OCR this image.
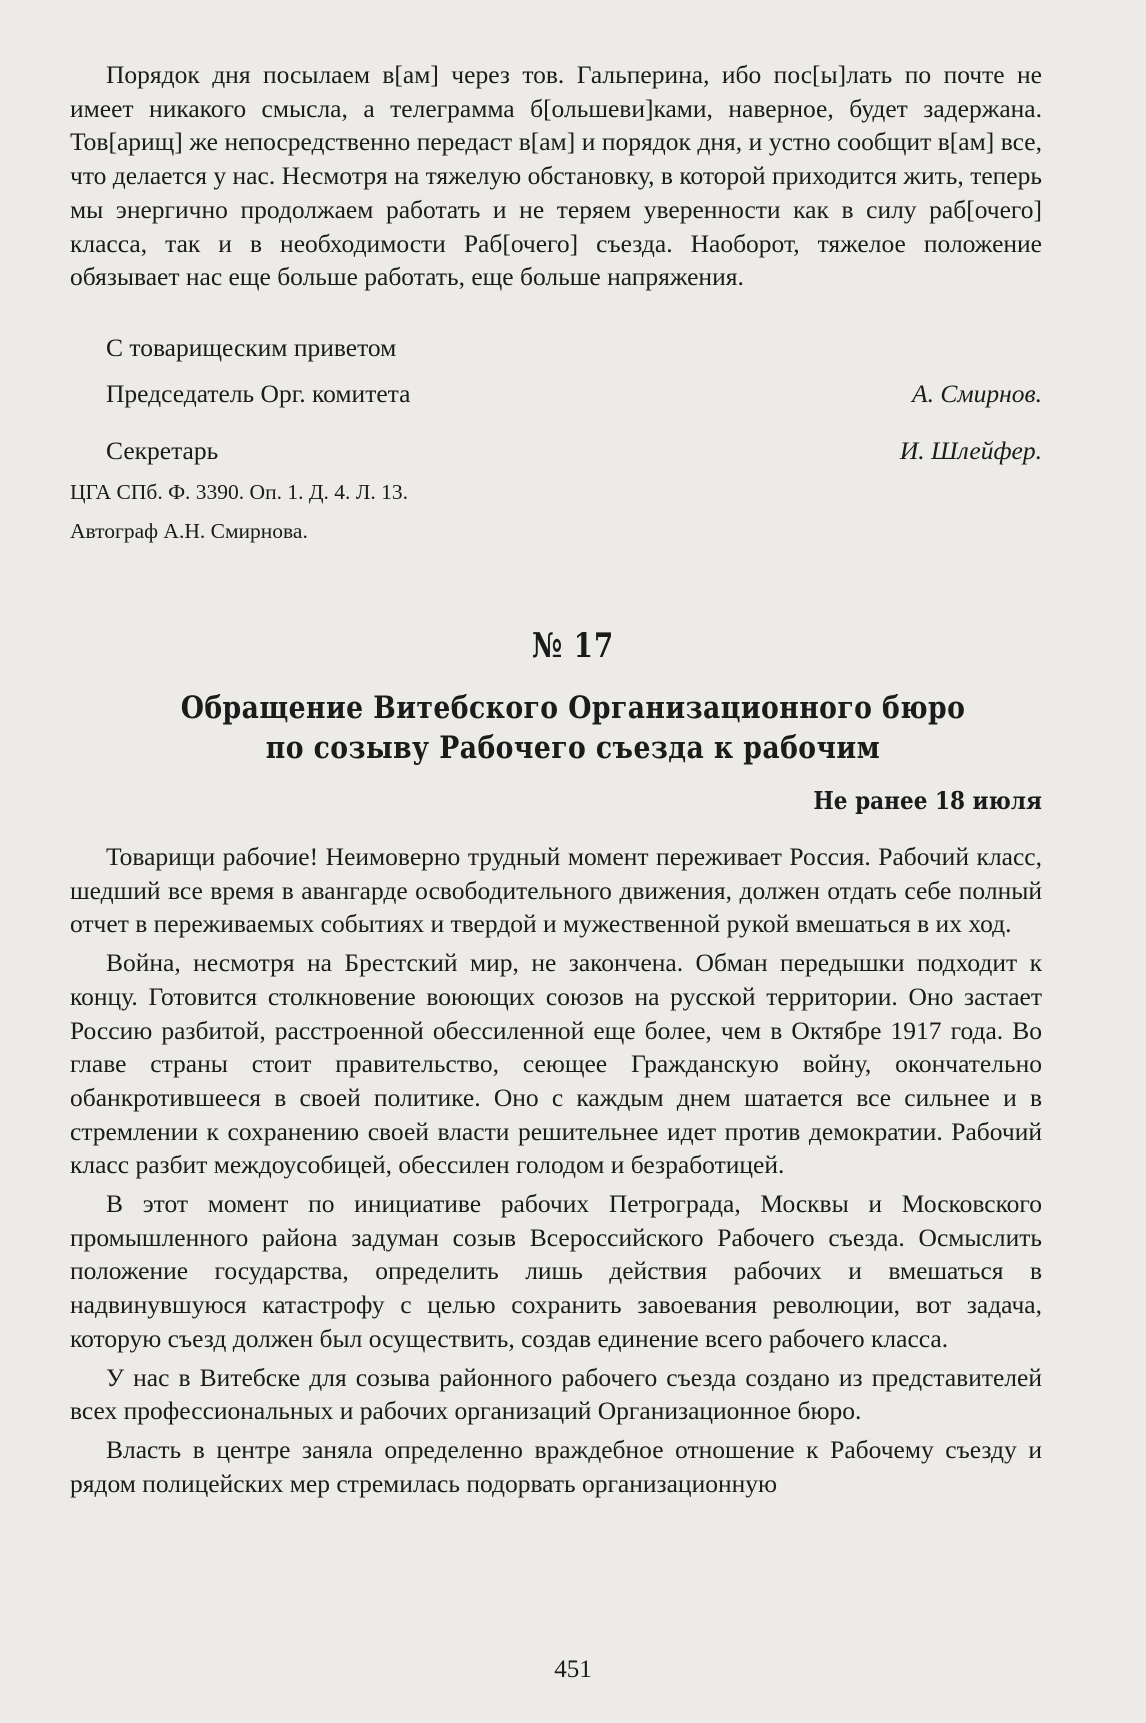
Порядок дня посылаем в[ам] через тов. Гальперина, ибо пос[ы]лать по почте не имеет никакого смысла, а телеграмма б[ольшеви]ками, наверное, будет задержана. Тов[арищ] же непосредственно передаст в[ам] и порядок дня, и устно сообщит в[ам] все, что делается у нас. Несмотря на тяжелую обстановку, в которой приходится жить, теперь мы энергично продолжаем работать и не теряем уверенности как в силу раб[очего] класса, так и в необходимости Раб[очего] съезда. Наоборот, тяжелое положение обязывает нас еще больше работать, еще больше напряжения.

С товарищеским приветом
Председатель Орг. комитета	А. Смирнов.
Секретарь	И. Шлейфер.
ЦГА СПб. Ф. 3390. Оп. 1. Д. 4. Л. 13.
Автограф А.Н. Смирнова.
№ 17
Обращение Витебского Организационного бюро
по созыву Рабочего съезда к рабочим
Не ранее 18 июля

Товарищи рабочие! Неимоверно трудный момент переживает Россия. Рабочий класс, шедший все время в авангарде освободительного движения, должен отдать себе полный отчет в переживаемых событиях и твердой и мужественной рукой вмешаться в их ход.

Война, несмотря на Брестский мир, не закончена. Обман передышки подходит к концу. Готовится столкновение воюющих союзов на русской территории. Оно застает Россию разбитой, расстроенной обессиленной еще более, чем в Октябре 1917 года. Во главе страны стоит правительство, сеющее Гражданскую войну, окончательно обанкротившееся в своей политике. Оно с каждым днем шатается все сильнее и в стремлении к сохранению своей власти решительнее идет против демократии. Рабочий класс разбит междоусобицей, обессилен голодом и безработицей.

В этот момент по инициативе рабочих Петрограда, Москвы и Московского промышленного района задуман созыв Всероссийского Рабочего съезда. Осмыслить положение государства, определить лишь действия рабочих и вмешаться в надвинувшуюся катастрофу с целью сохранить завоевания революции, вот задача, которую съезд должен был осуществить, создав единение всего рабочего класса.

У нас в Витебске для созыва районного рабочего съезда создано из представителей всех профессиональных и рабочих организаций Организационное бюро.

Власть в центре заняла определенно враждебное отношение к Рабочему съезду и рядом полицейских мер стремилась подорвать организационную

451
